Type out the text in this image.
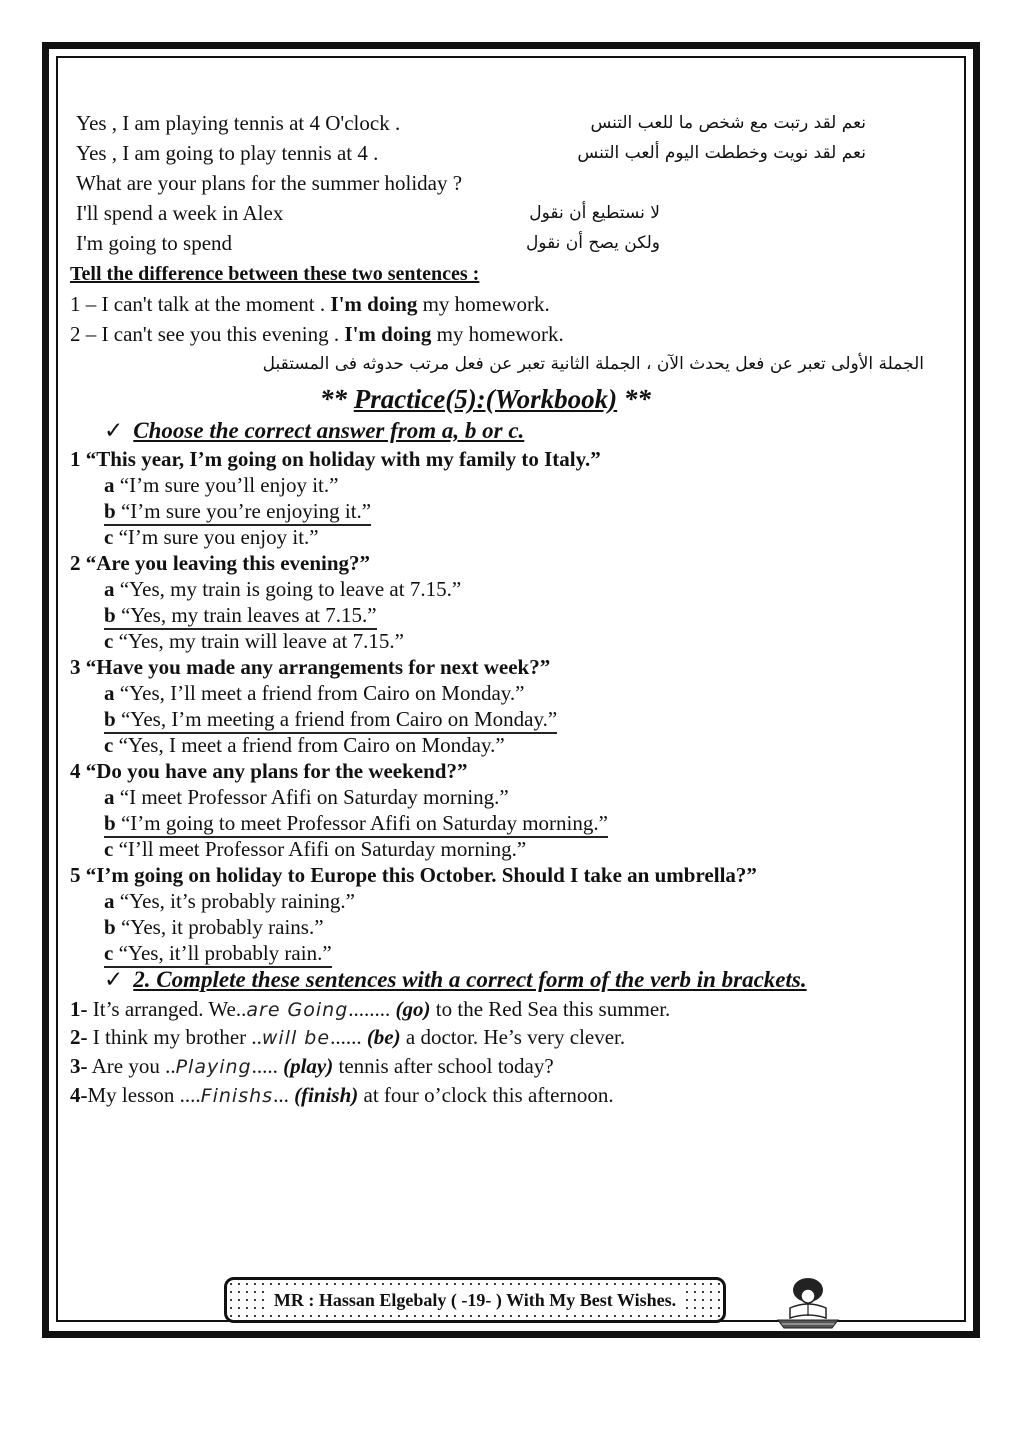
Yes , I am playing tennis at 4 O'clock .	نعم لقد رتبت مع شخص ما للعب التنس
Yes , I am going to play tennis at 4 .	نعم لقد نويت وخططت اليوم ألعب التنس
What are your plans for the summer holiday ?
I'll spend a week in Alex	لا نستطيع أن نقول
I'm going to spend	ولكن يصح أن نقول
Tell the difference between these two sentences :
1 – I can't talk at the moment . I'm doing my homework.
2 – I can't see you this evening . I'm doing my homework.
الجملة الأولى تعبر عن فعل يحدث الآن ، الجملة الثانية تعبر عن فعل مرتب حدوثه فى المستقبل
** Practice(5):(Workbook) **
✓ Choose the correct answer from a, b or c.
1 “This year, I’m going on holiday with my family to Italy.”
a “I’m sure you’ll enjoy it.”
b “I’m sure you’re enjoying it.”
c “I’m sure you enjoy it.”
2 “Are you leaving this evening?”
a “Yes, my train is going to leave at 7.15.”
b “Yes, my train leaves at 7.15.”
c “Yes, my train will leave at 7.15.”
3 “Have you made any arrangements for next week?”
a “Yes, I’ll meet a friend from Cairo on Monday.”
b “Yes, I’m meeting a friend from Cairo on Monday.”
c “Yes, I meet a friend from Cairo on Monday.”
4 “Do you have any plans for the weekend?”
a “I meet Professor Afifi on Saturday morning.”
b “I’m going to meet Professor Afifi on Saturday morning.”
c “I’ll meet Professor Afifi on Saturday morning.”
5 “I’m going on holiday to Europe this October. Should I take an umbrella?”
a “Yes, it’s probably raining.”
b “Yes, it probably rains.”
c “Yes, it’ll probably rain.”
✓ 2. Complete these sentences with a correct form of the verb in brackets.
1- It’s arranged. We..are Going........ (go) to the Red Sea this summer.
2- I think my brother ..will be...... (be) a doctor. He’s very clever.
3- Are you ..Playing..... (play) tennis after school today?
4-My lesson ....Finishs... (finish) at four o’clock this afternoon.
MR : Hassan Elgebaly ( -19- ) With My Best Wishes.
